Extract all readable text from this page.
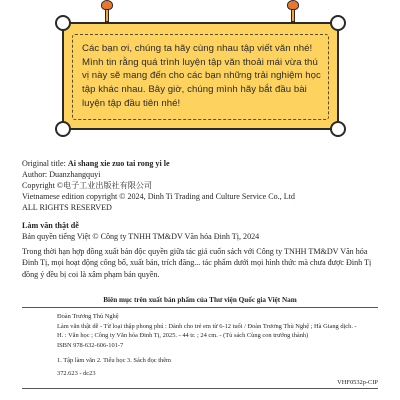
Các bạn ơi, chúng ta hãy cùng nhau tập viết văn nhé! Mình tin rằng quá trình luyện tập văn thoải mái vừa thú vị này sẽ mang đến cho các bạn những trải nghiệm học tập khác nhau. Bây giờ, chúng mình hãy bắt đầu bài luyện tập đầu tiên nhé!
Original title: Ai shang xie zuo tai rong yi le
Author: Duanzhangquyi
Copyright ©电子工业出版社有限公司
Vietnamese edition copyright © 2024, Dinh Ti Trading and Culture Service Co., Ltd
ALL RIGHTS RESERVED
Làm văn thật dễ
Bản quyền tiếng Việt © Công ty TNHH TM&DV Văn hóa Đinh Tị, 2024
Trong thời hạn hợp đồng xuất bản độc quyền giữa tác giả cuốn sách với Công ty TNHH TM&DV Văn hóa Đinh Tị, mọi hoạt động công bố, xuất bản, trích đăng... tác phẩm dưới mọi hình thức mà chưa được Đinh Tị đồng ý đều bị coi là xâm phạm bản quyền.
Biên mục trên xuất bản phẩm của Thư viện Quốc gia Việt Nam
Đoàn Trương Thù Nghệ
Làm văn thật dễ - Từ loại thập phong phú : Dành cho trẻ em từ 6-12 tuổi / Đoàn Trương Thù Nghệ ; Hà Giang dịch. - H. : Văn học ; Công ty Văn hóa Đinh Tị, 2025. - 44 tr. ; 24 cm. - (Tủ sách Cùng con trưởng thành)
ISBN 978-632-606-101-7
1. Tập làm văn 2. Tiểu học 3. Sách đọc thêm
372.623 - dc23
VHF0532p-CIP
